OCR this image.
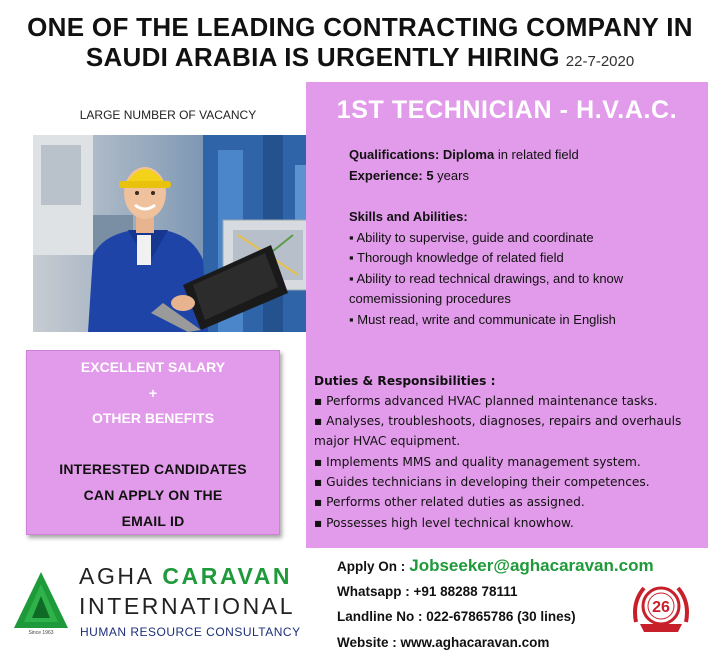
ONE OF THE LEADING CONTRACTING COMPANY IN
SAUDI ARABIA IS URGENTLY HIRING 22-7-2020
LARGE NUMBER OF VACANCY
EXCELLENT SALARY
+
OTHER BENEFITS
INTERESTED CANDIDATES
CAN APPLY ON THE
EMAIL ID
1ST TECHNICIAN - H.V.A.C.
Qualifications: Diploma in related field
Experience: 5 years
Skills and Abilities:
▪ Ability to supervise, guide and coordinate
▪ Thorough knowledge of related field
▪ Ability to read technical drawings, and to know
comemissioning procedures
▪ Must read, write and communicate in English
Duties & Responsibilities :
▪ Performs advanced HVAC planned maintenance tasks.
▪ Analyses, troubleshoots, diagnoses, repairs and overhauls
major HVAC equipment.
▪ Implements MMS and quality management system.
▪ Guides technicians in developing their competences.
▪ Performs other related duties as assigned.
▪ Possesses high level technical knowhow.
Since 1963
AGHA CARAVAN
INTERNATIONAL
HUMAN RESOURCE CONSULTANCY
Apply On : Jobseeker@aghacaravan.com
Whatsapp : +91 88288 78111
Landline No : 022-67865786 (30 lines)
Website : www.aghacaravan.com
26
